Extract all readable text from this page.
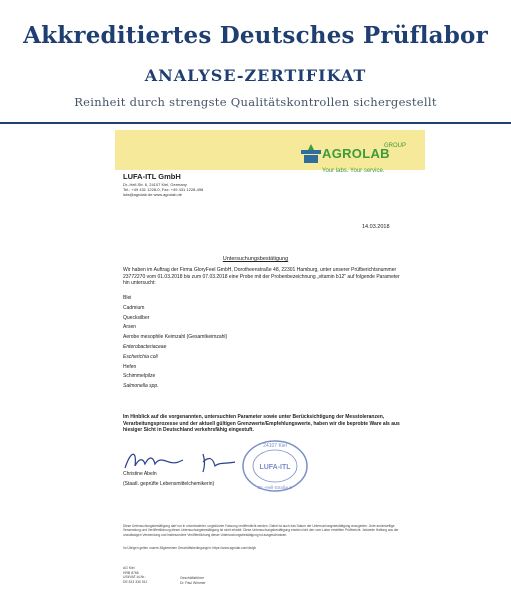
Akkreditiertes Deutsches Prüflabor
ANALYSE-ZERTIFIKAT
Reinheit durch strengste Qualitätskontrollen sichergestellt
AGROLAB
GROUP
Your labs. Your service.
LUFA-ITL GmbH
Dr.-Hell-Str. 6, 24107 Kiel, Germany
Tel.: +49 431 1228-0, Fax: +49 431 1228-498
lufa@agrolab.de www.agrolab.de
14.03.2018
Untersuchungsbestätigung
Wir haben im Auftrag der Firma GloryFeel GmbH, Dorotheenstraße 48, 22301 Hamburg, unter unserer Prüfberichtsnummer 23772270 vom 01.03.2018 bis zum 07.03.2018 eine Probe mit der Probenbezeichnung „vitamin b12" auf folgende Parameter hin untersucht:
Blei
Cadmium
Quecksilber
Arsen
Aerobe mesophile Keimzahl (Gesamtkeimzahl)
Enterobacteriaceae
Escherichia coli
Hefen
Schimmelpilze
Salmonella spp.
Im Hinblick auf die vorgenannten, untersuchten Parameter sowie unter Berücksichtigung der Messtoleranzen, Verarbeitungsprozesse und der aktuell gültigen Grenzwerte/Empfehlungswerte, haben wir die beprobte Ware als aus hiesiger Sicht in Deutschland verkehrsfähig eingestuft.
24107 Kiel
LUFA-ITL
Dr.-Hell-Straße 6
Christine Abeln
(Staatl. geprüfte Lebensmittelchemikerin)
Diese Untersuchungsbestätigung darf nur in unveränderter, ungekürzter Fassung veröffentlicht werden. Dabei ist auch das Datum der Untersuchungsbestätigung anzugeben. Jede anderweitige Verwendung und Veröffentlichung dieser Untersuchungsbestätigung ist nicht erlaubt. Diese Untersuchungsbestätigung ersetzt nicht den vom Labor erstellten Prüfbericht. Jedwede Haftung aus der unzulässigen Verwendung und insbesondere Veröffentlichung dieser Untersuchungsbestätigung ist ausgeschlossen.
Im Übrigen gelten unsere Allgemeinen Geschäftsbedingungen: https://www.agrolab.com/de/gb
AG Kiel
HRB 8766
USt/VAT-Id-Nr.:
DE 813 330 511
Geschäftsführer
Dr. Paul Wimmer
